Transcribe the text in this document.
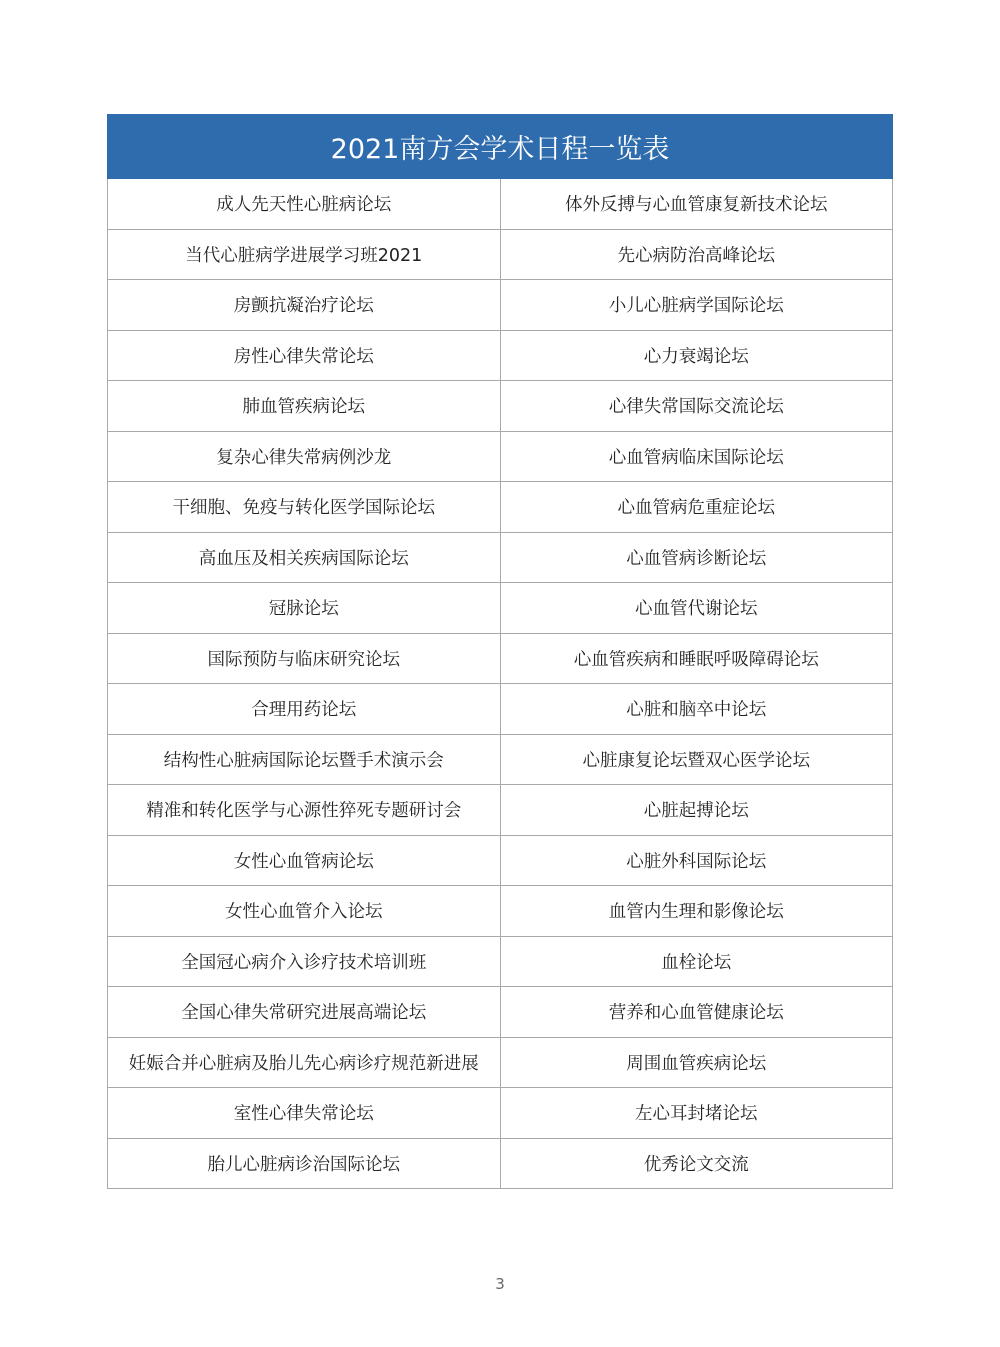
2021南方会学术日程一览表	
成人先天性心脏病论坛	体外反搏与心血管康复新技术论坛
当代心脏病学进展学习班2021	先心病防治高峰论坛
房颤抗凝治疗论坛	小儿心脏病学国际论坛
房性心律失常论坛	心力衰竭论坛
肺血管疾病论坛	心律失常国际交流论坛
复杂心律失常病例沙龙	心血管病临床国际论坛
干细胞、免疫与转化医学国际论坛	心血管病危重症论坛
高血压及相关疾病国际论坛	心血管病诊断论坛
冠脉论坛	心血管代谢论坛
国际预防与临床研究论坛	心血管疾病和睡眠呼吸障碍论坛
合理用药论坛	心脏和脑卒中论坛
结构性心脏病国际论坛暨手术演示会	心脏康复论坛暨双心医学论坛
精准和转化医学与心源性猝死专题研讨会	心脏起搏论坛
女性心血管病论坛	心脏外科国际论坛
女性心血管介入论坛	血管内生理和影像论坛
全国冠心病介入诊疗技术培训班	血栓论坛
全国心律失常研究进展高端论坛	营养和心血管健康论坛
妊娠合并心脏病及胎儿先心病诊疗规范新进展	周围血管疾病论坛
室性心律失常论坛	左心耳封堵论坛
胎儿心脏病诊治国际论坛	优秀论文交流
3
